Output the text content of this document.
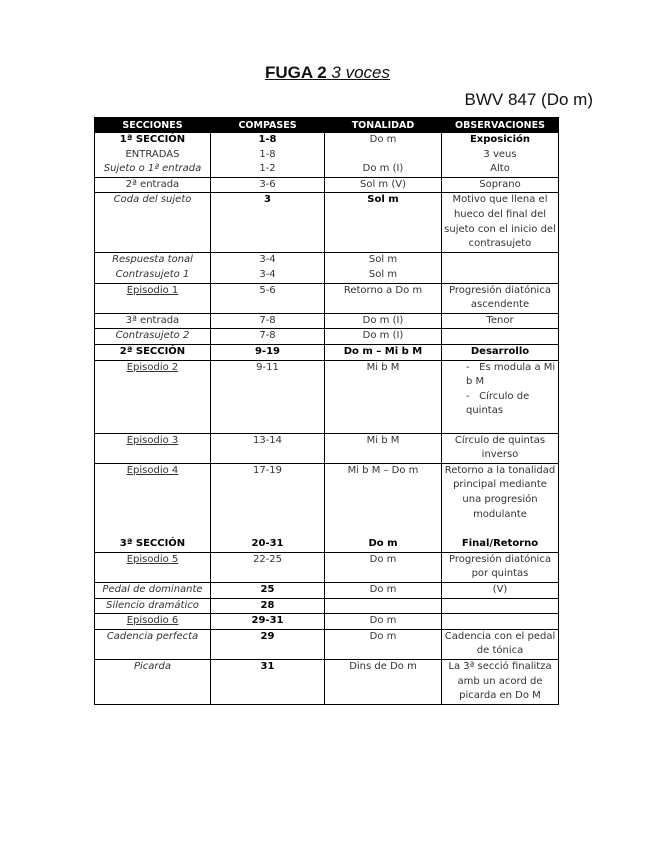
FUGA 2 3 voces
BWV 847 (Do m)
SECCIONES	COMPASES	TONALIDAD	OBSERVACIONES
1ª SECCIÓN	1-8	Do m	Exposición
ENTRADAS	1-8		3 veus
Sujeto o 1ª entrada	1-2	Do m (I)	Alto
2ª entrada	3-6	Sol m (V)	Soprano
Coda del sujeto	3	Sol m	Motivo que llena el hueco del final del sujeto con el inicio del contrasujeto
Respuesta tonal	3-4	Sol m	
Contrasujeto 1	3-4	Sol m	
Episodio 1	5-6	Retorno a Do m	Progresión diatónica ascendente
3ª entrada	7-8	Do m (I)	Tenor
Contrasujeto 2	7-8	Do m (I)	
2ª SECCIÓN	9-19	Do m – Mi b M	Desarrollo
Episodio 2	9-11	Mi b M	-   Es modula a Mi b M
-   Círculo de quintas

Episodio 3	13-14	Mi b M	Círculo de quintas inverso
Episodio 4	17-19	Mi b M – Do m	Retorno a la tonalidad principal mediante una progresión modulante
3ª SECCIÓN	20-31	Do m	Final/Retorno
Episodio 5	22-25	Do m	Progresión diatónica por quintas
Pedal de dominante	25	Do m	(V)
Silencio dramático	28		
Episodio 6	29-31	Do m	
Cadencia perfecta	29	Do m	Cadencia con el pedal de tónica
Picarda	31	Dins de Do m	La 3ª secció finalitza amb un acord de picarda en Do M
